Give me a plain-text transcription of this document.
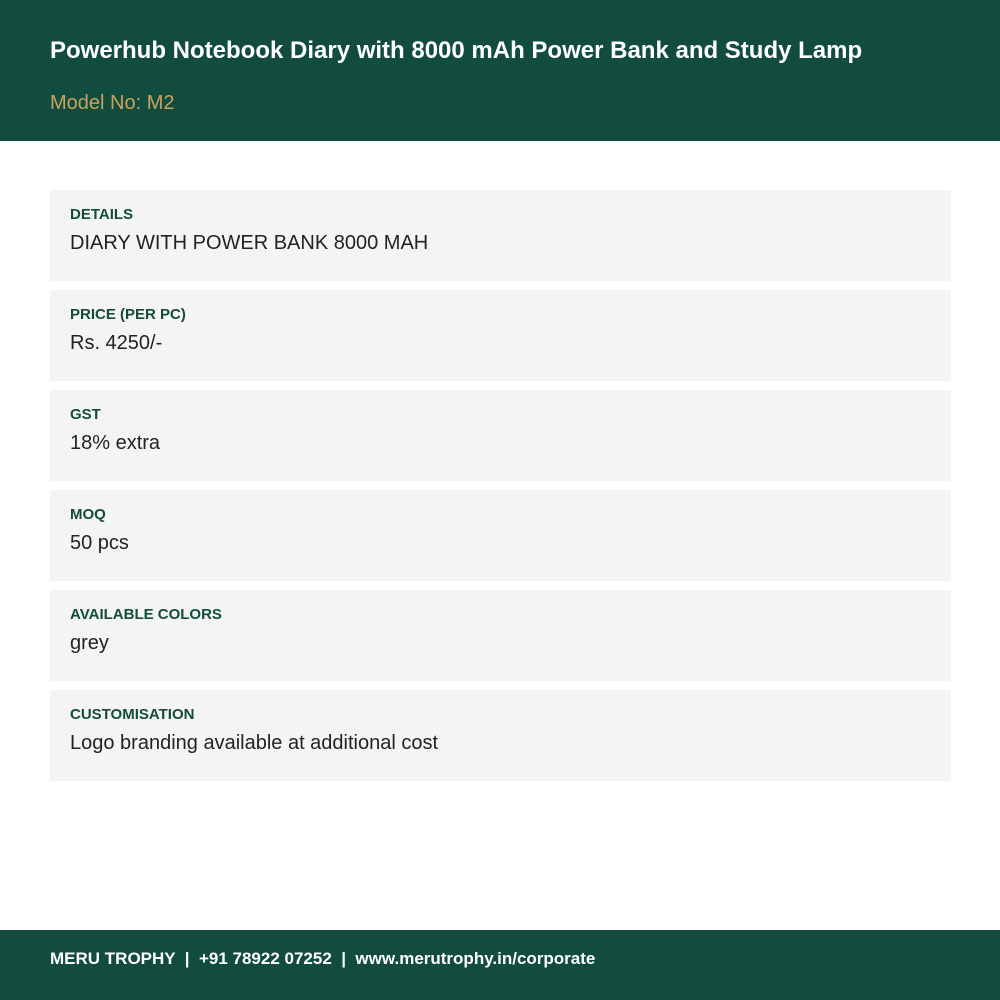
Powerhub Notebook Diary with 8000 mAh Power Bank and Study Lamp
Model No: M2
DETAILS
DIARY WITH POWER BANK 8000 MAH
PRICE (PER PC)
Rs. 4250/-
GST
18% extra
MOQ
50 pcs
AVAILABLE COLORS
grey
CUSTOMISATION
Logo branding available at additional cost
MERU TROPHY  |  +91 78922 07252  |  www.merutrophy.in/corporate
